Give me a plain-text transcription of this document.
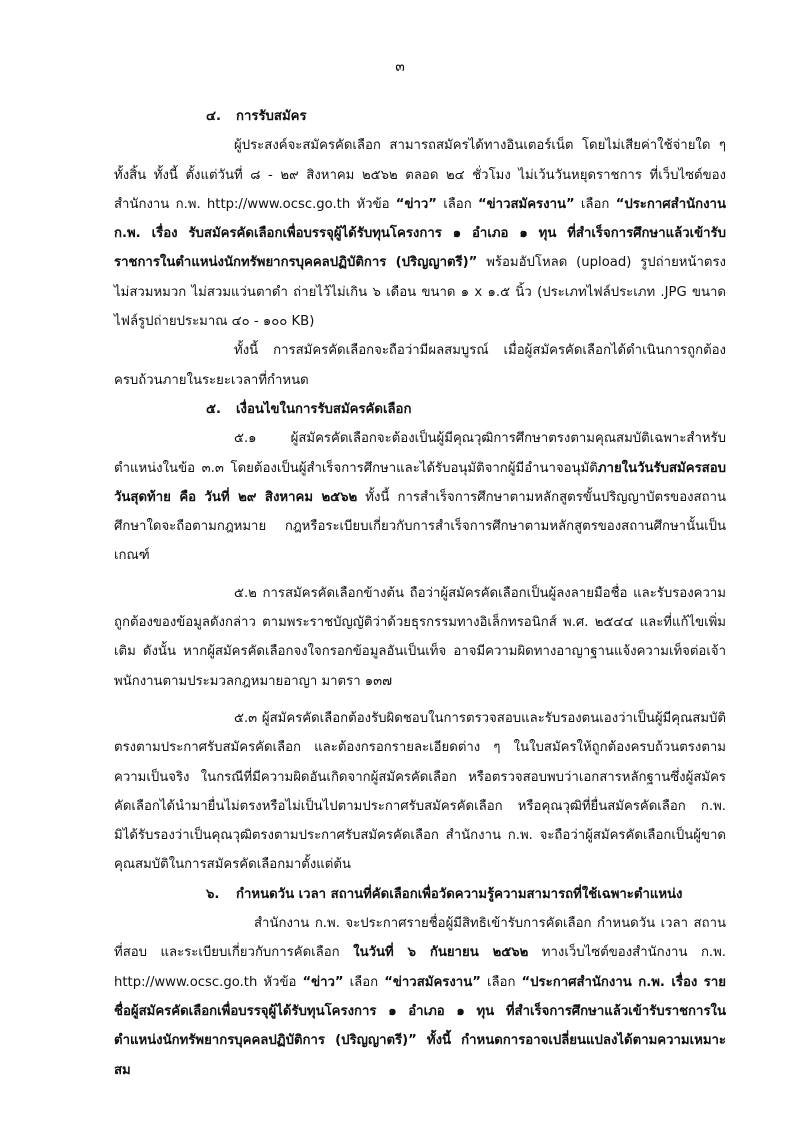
๓
๔. การรับสมัคร
ผู้ประสงค์จะสมัครคัดเลือก สามารถสมัครได้ทางอินเตอร์เน็ต โดยไม่เสียค่าใช้จ่ายใด ๆ ทั้งสิ้น ทั้งนี้ ตั้งแต่วันที่ ๘ - ๒๙ สิงหาคม ๒๕๖๒ ตลอด ๒๔ ชั่วโมง ไม่เว้นวันหยุดราชการ ที่เว็บไซต์ของสำนักงาน ก.พ. http://www.ocsc.go.th หัวข้อ “ข่าว” เลือก “ข่าวสมัครงาน” เลือก “ประกาศสำนักงาน ก.พ. เรื่อง รับสมัครคัดเลือกเพื่อบรรจุผู้ได้รับทุนโครงการ ๑ อำเภอ ๑ ทุน ที่สำเร็จการศึกษาแล้วเข้ารับราชการในตำแหน่งนักทรัพยากรบุคคลปฏิบัติการ (ปริญญาตรี)” พร้อมอัปโหลด (upload) รูปถ่ายหน้าตรง ไม่สวมหมวก ไม่สวมแว่นตาดำ ถ่ายไว้ไม่เกิน ๖ เดือน ขนาด ๑ x ๑.๕ นิ้ว (ประเภทไฟล์ประเภท .JPG ขนาดไฟล์รูปถ่ายประมาณ ๔๐ - ๑๐๐ KB)
ทั้งนี้ การสมัครคัดเลือกจะถือว่ามีผลสมบูรณ์ เมื่อผู้สมัครคัดเลือกได้ดำเนินการถูกต้องครบถ้วนภายในระยะเวลาที่กำหนด
๕. เงื่อนไขในการรับสมัครคัดเลือก
๕.๑ ผู้สมัครคัดเลือกจะต้องเป็นผู้มีคุณวุฒิการศึกษาตรงตามคุณสมบัติเฉพาะสำหรับตำแหน่งในข้อ ๓.๓ โดยต้องเป็นผู้สำเร็จการศึกษาและได้รับอนุมัติจากผู้มีอำนาจอนุมัติภายในวันรับสมัครสอบวันสุดท้าย คือ วันที่ ๒๙ สิงหาคม ๒๕๖๒ ทั้งนี้ การสำเร็จการศึกษาตามหลักสูตรขั้นปริญญาบัตรของสถานศึกษาใดจะถือตามกฎหมาย กฎหรือระเบียบเกี่ยวกับการสำเร็จการศึกษาตามหลักสูตรของสถานศึกษานั้นเป็นเกณฑ์
๕.๒ การสมัครคัดเลือกข้างต้น ถือว่าผู้สมัครคัดเลือกเป็นผู้ลงลายมือชื่อ และรับรองความถูกต้องของข้อมูลดังกล่าว ตามพระราชบัญญัติว่าด้วยธุรกรรมทางอิเล็กทรอนิกส์ พ.ศ. ๒๕๔๔ และที่แก้ไขเพิ่มเติม ดังนั้น หากผู้สมัครคัดเลือกจงใจกรอกข้อมูลอันเป็นเท็จ อาจมีความผิดทางอาญาฐานแจ้งความเท็จต่อเจ้าพนักงานตามประมวลกฎหมายอาญา มาตรา ๑๓๗
๕.๓ ผู้สมัครคัดเลือกต้องรับผิดชอบในการตรวจสอบและรับรองตนเองว่าเป็นผู้มีคุณสมบัติตรงตามประกาศรับสมัครคัดเลือก และต้องกรอกรายละเอียดต่าง ๆ ในใบสมัครให้ถูกต้องครบถ้วนตรงตามความเป็นจริง ในกรณีที่มีความผิดอันเกิดจากผู้สมัครคัดเลือก หรือตรวจสอบพบว่าเอกสารหลักฐานซึ่งผู้สมัครคัดเลือกได้นำมายื่นไม่ตรงหรือไม่เป็นไปตามประกาศรับสมัครคัดเลือก หรือคุณวุฒิที่ยื่นสมัครคัดเลือก ก.พ. มิได้รับรองว่าเป็นคุณวุฒิตรงตามประกาศรับสมัครคัดเลือก สำนักงาน ก.พ. จะถือว่าผู้สมัครคัดเลือกเป็นผู้ขาดคุณสมบัติในการสมัครคัดเลือกมาตั้งแต่ต้น
๖. กำหนดวัน เวลา สถานที่คัดเลือกเพื่อวัดความรู้ความสามารถที่ใช้เฉพาะตำแหน่ง
สำนักงาน ก.พ. จะประกาศรายชื่อผู้มีสิทธิเข้ารับการคัดเลือก กำหนดวัน เวลา สถานที่สอบ และระเบียบเกี่ยวกับการคัดเลือก ในวันที่ ๖ กันยายน ๒๕๖๒ ทางเว็บไซต์ของสำนักงาน ก.พ. http://www.ocsc.go.th หัวข้อ “ข่าว” เลือก “ข่าวสมัครงาน” เลือก “ประกาศสำนักงาน ก.พ. เรื่อง รายชื่อผู้สมัครคัดเลือกเพื่อบรรจุผู้ได้รับทุนโครงการ ๑ อำเภอ ๑ ทุน ที่สำเร็จการศึกษาแล้วเข้ารับราชการในตำแหน่งนักทรัพยากรบุคคลปฏิบัติการ (ปริญญาตรี)” ทั้งนี้ กำหนดการอาจเปลี่ยนแปลงได้ตามความเหมาะสม
